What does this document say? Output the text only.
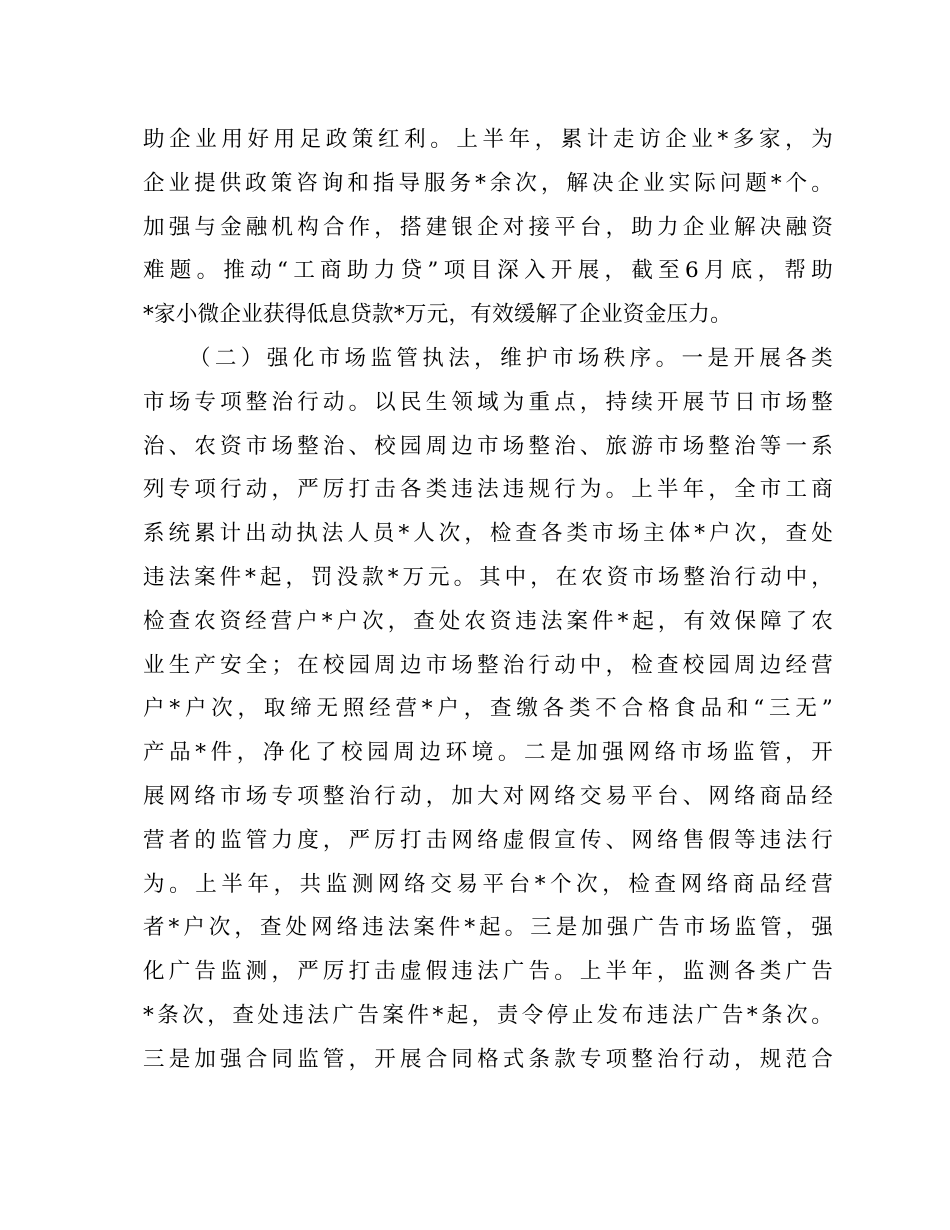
助企业用好用足政策红利。上半年，累计走访企业*多家，为
企业提供政策咨询和指导服务*余次，解决企业实际问题*个。
加强与金融机构合作，搭建银企对接平台，助力企业解决融资
难题。推动“工商助力贷”项目深入开展，截至6月底，帮助
*家小微企业获得低息贷款*万元，有效缓解了企业资金压力。
（二）强化市场监管执法，维护市场秩序。一是开展各类
市场专项整治行动。以民生领域为重点，持续开展节日市场整
治、农资市场整治、校园周边市场整治、旅游市场整治等一系
列专项行动，严厉打击各类违法违规行为。上半年，全市工商
系统累计出动执法人员*人次，检查各类市场主体*户次，查处
违法案件*起，罚没款*万元。其中，在农资市场整治行动中，
检查农资经营户*户次，查处农资违法案件*起，有效保障了农
业生产安全；在校园周边市场整治行动中，检查校园周边经营
户*户次，取缔无照经营*户，查缴各类不合格食品和“三无”
产品*件，净化了校园周边环境。二是加强网络市场监管，开
展网络市场专项整治行动，加大对网络交易平台、网络商品经
营者的监管力度，严厉打击网络虚假宣传、网络售假等违法行
为。上半年，共监测网络交易平台*个次，检查网络商品经营
者*户次，查处网络违法案件*起。三是加强广告市场监管，强
化广告监测，严厉打击虚假违法广告。上半年，监测各类广告
*条次，查处违法广告案件*起，责令停止发布违法广告*条次。
三是加强合同监管，开展合同格式条款专项整治行动，规范合
